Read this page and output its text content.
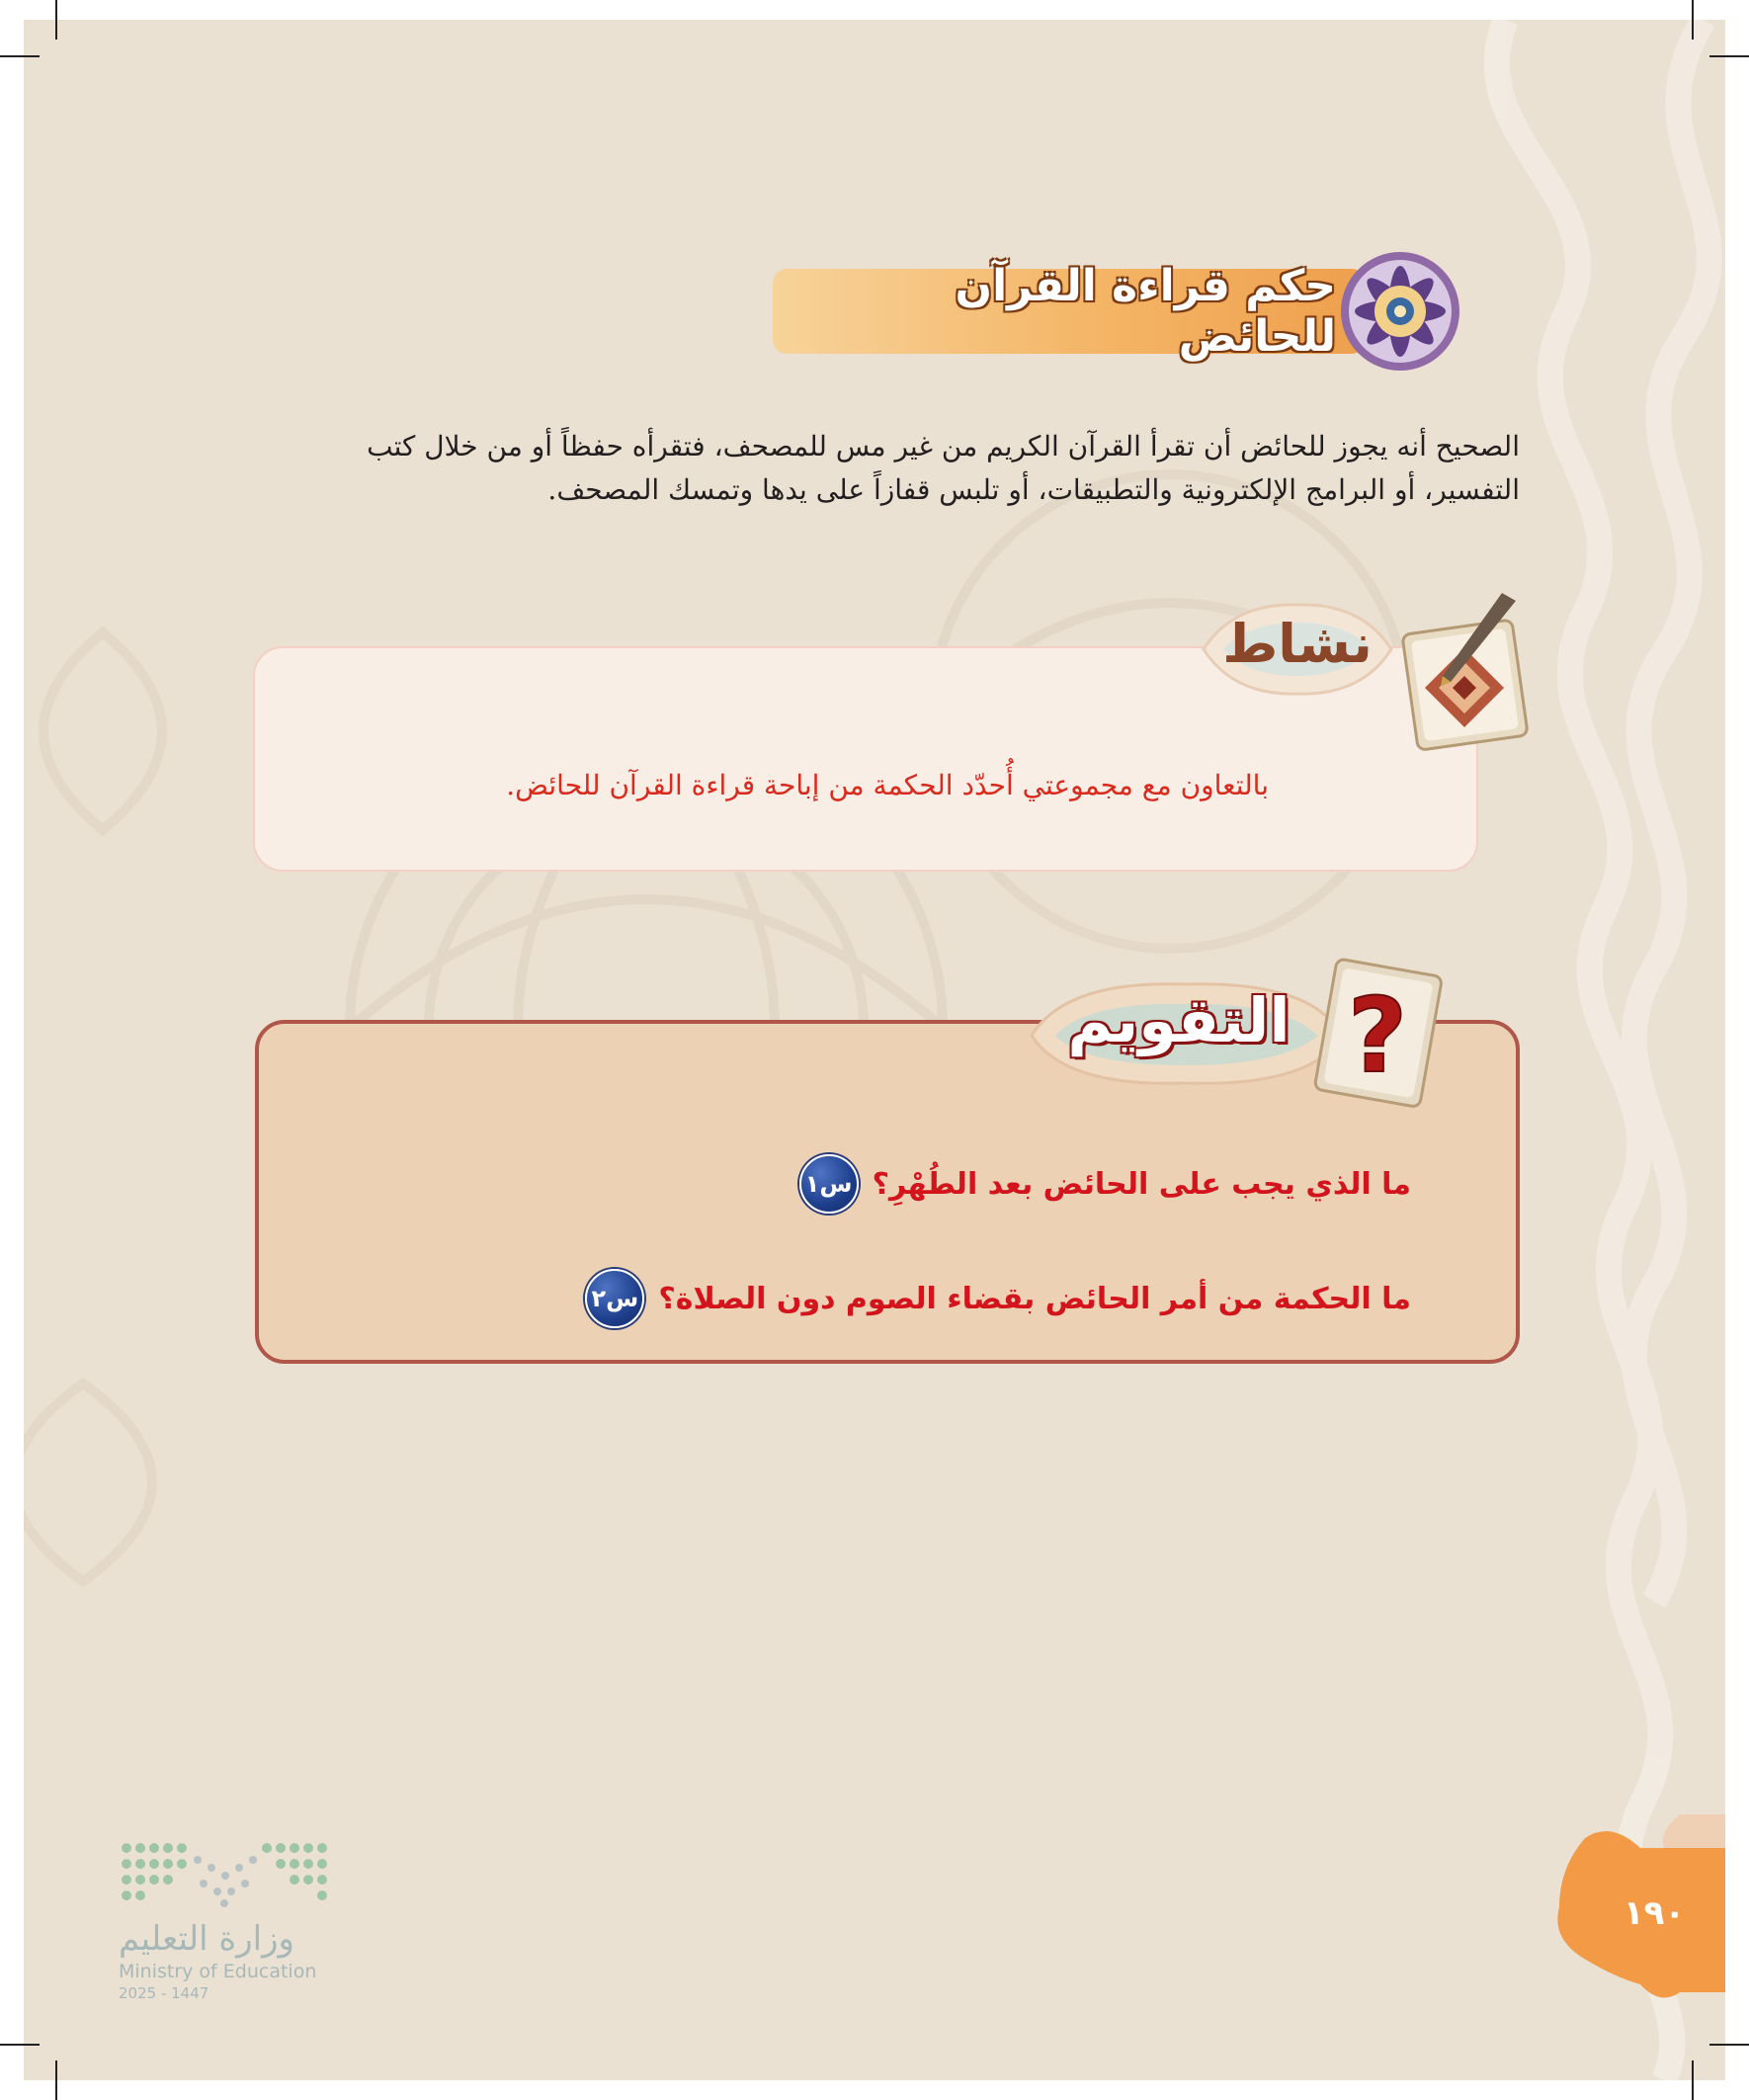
حكم قراءة القرآن للحائض

الصحيح أنه يجوز للحائض أن تقرأ القرآن الكريم من غير مس للمصحف، فتقرأه حفظاً أو من خلال كتب

التفسير، أو البرامج الإلكترونية والتطبيقات، أو تلبس قفازاً على يدها وتمسك المصحف.

نشاط
بالتعاون مع مجموعتي أُحدّد الحكمة من إباحة قراءة القرآن للحائض.
التقويم ?
س١ ما الذي يجب على الحائض بعد الطُهْرِ؟
س٢ ما الحكمة من أمر الحائض بقضاء الصوم دون الصلاة؟
١٩٠
وزارة التعليم
Ministry of Education
2025 - 1447
